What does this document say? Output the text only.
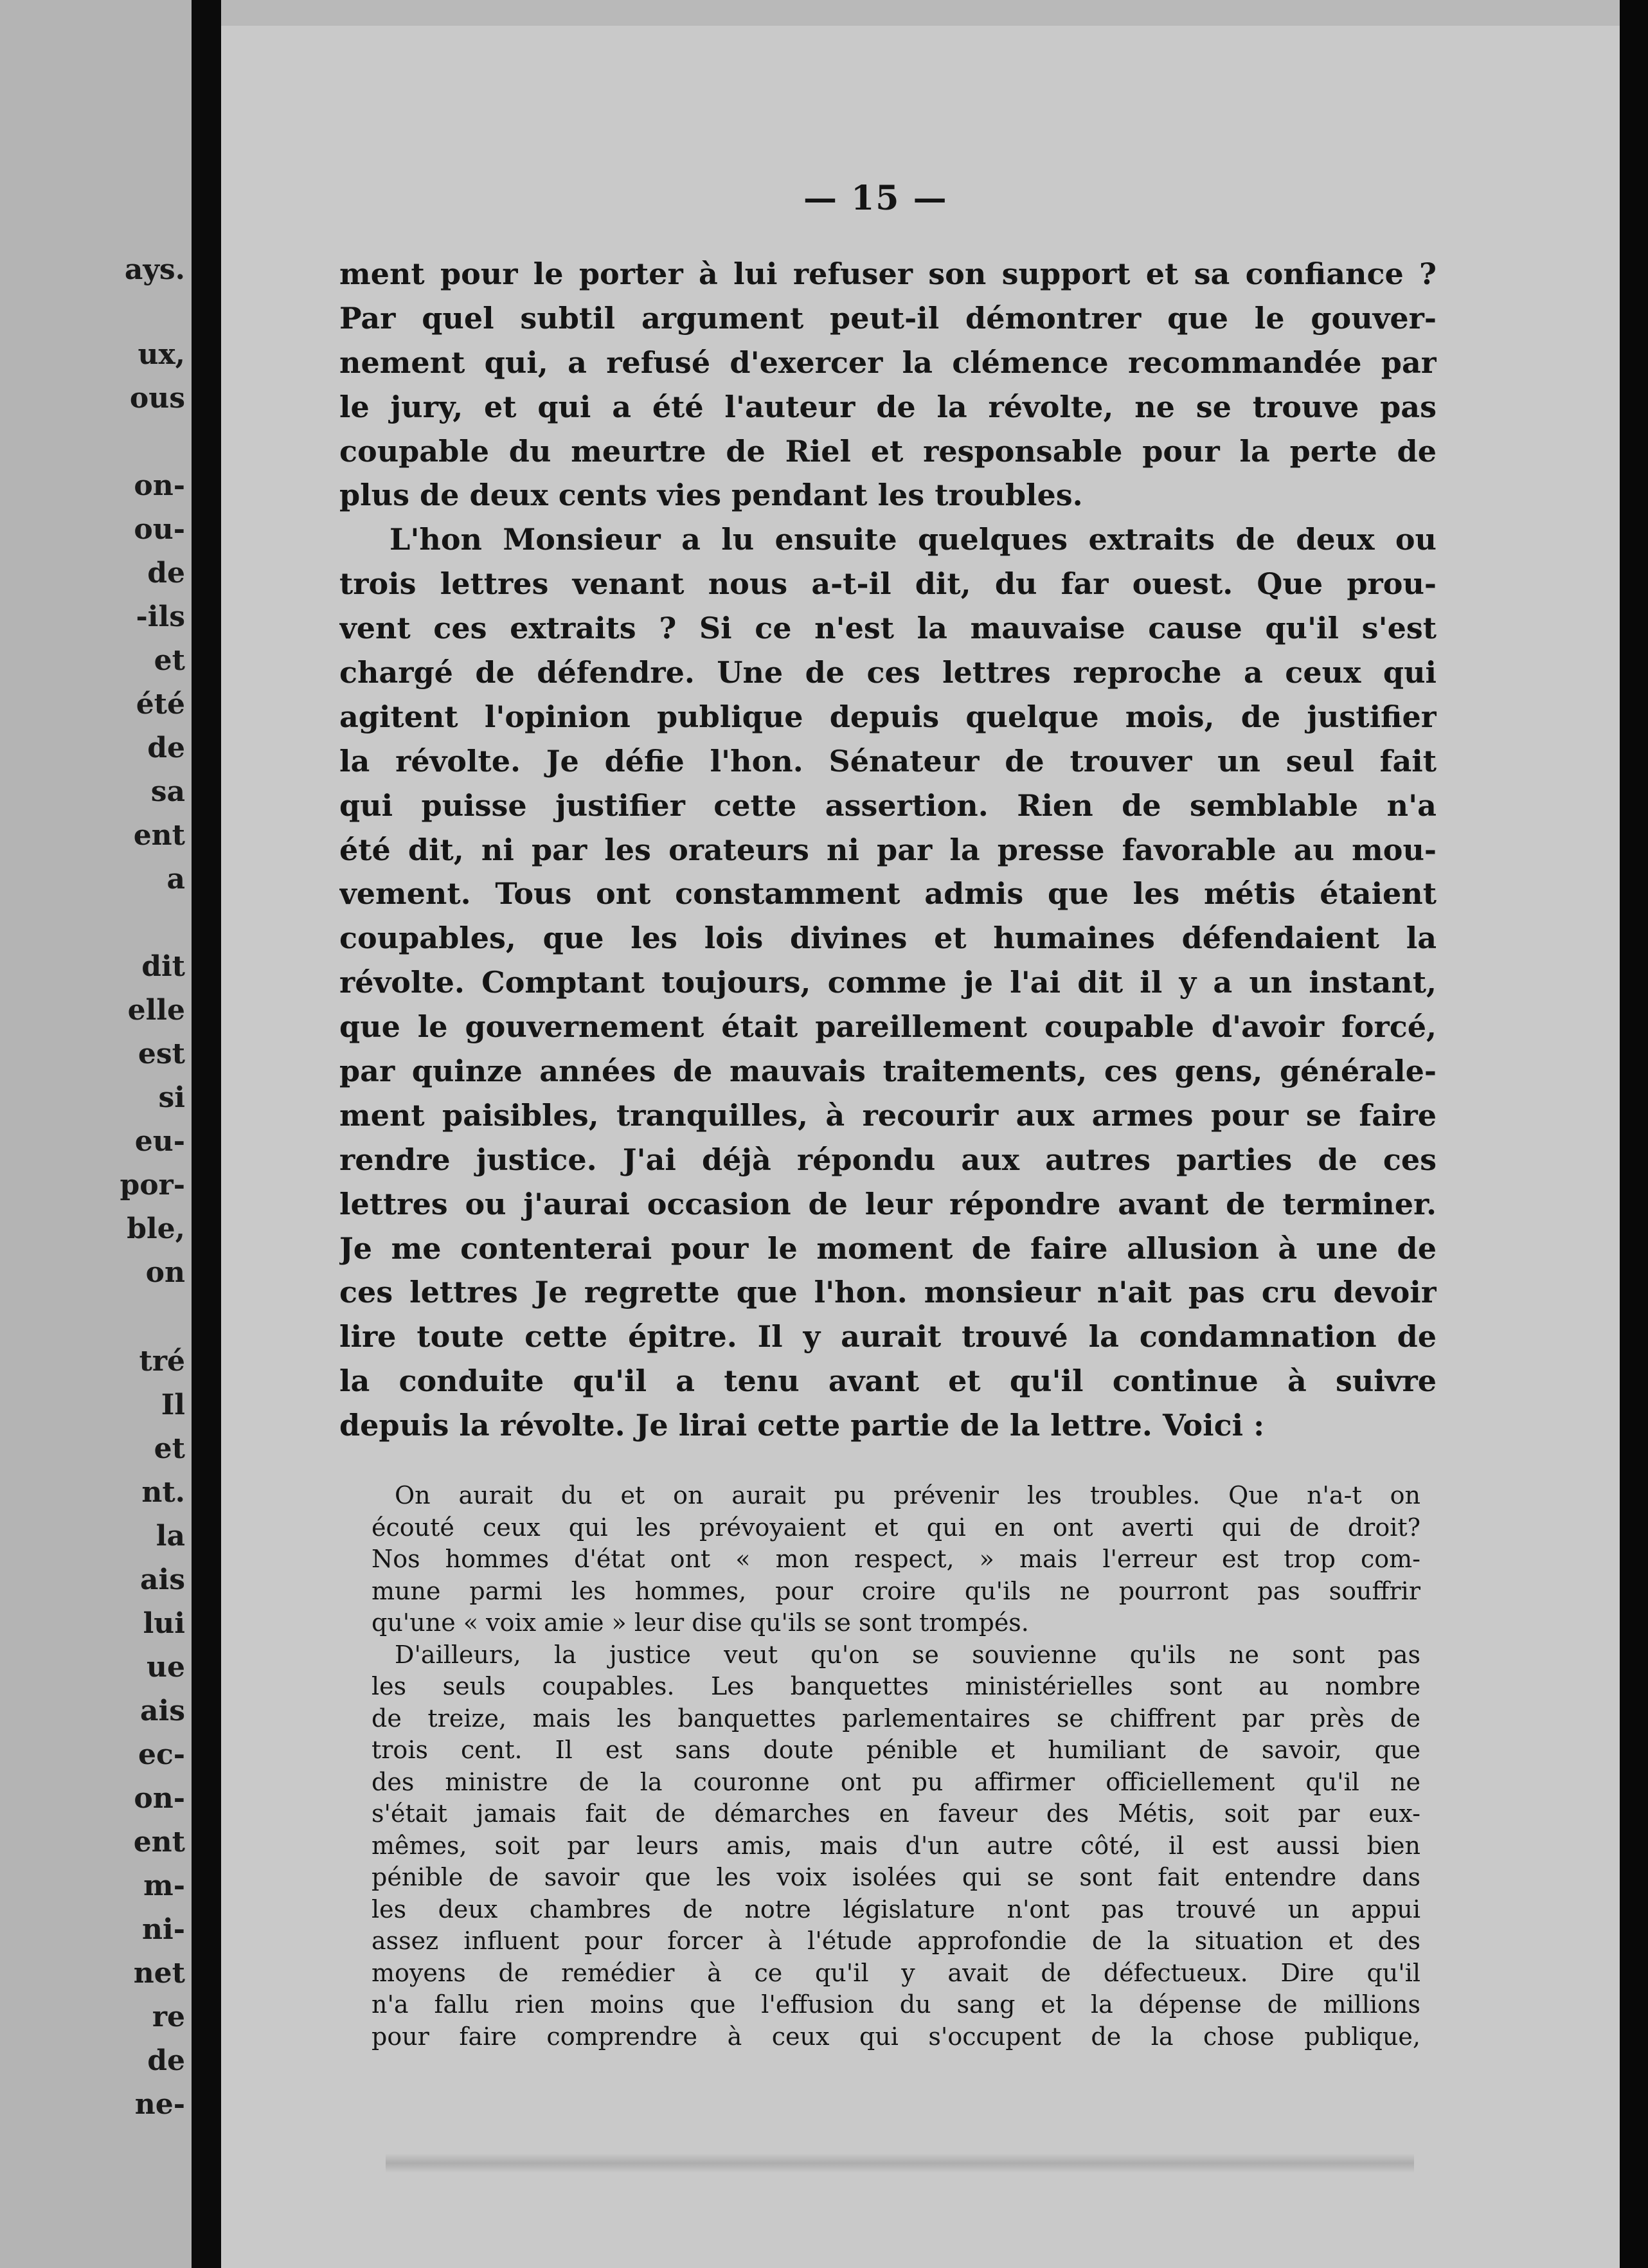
ays.

ux,

ous

on-

ou-

de

-ils

et

été

de

sa

ent

a

dit

elle

est

si

eu-

por-

ble,

on

tré

Il

et

nt.

la

ais

lui

ue

ais

ec-

on-

ent

m-

ni-

net

re

de

ne-

— 15 —

ment pour le porter à lui refuser son support et sa confiance ?
Par quel subtil argument peut-il démontrer que le gouver-
nement qui, a refusé d'exercer la clémence recommandée par
le jury, et qui a été l'auteur de la révolte, ne se trouve pas
coupable du meurtre de Riel et responsable pour la perte de
plus de deux cents vies pendant les troubles.
L'hon Monsieur a lu ensuite quelques extraits de deux ou
trois lettres venant nous a-t-il dit, du far ouest. Que prou-
vent ces extraits ? Si ce n'est la mauvaise cause qu'il s'est
chargé de défendre. Une de ces lettres reproche a ceux qui
agitent l'opinion publique depuis quelque mois, de justifier
la révolte. Je défie l'hon. Sénateur de trouver un seul fait
qui puisse justifier cette assertion. Rien de semblable n'a
été dit, ni par les orateurs ni par la presse favorable au mou-
vement. Tous ont constamment admis que les métis étaient
coupables, que les lois divines et humaines défendaient la
révolte. Comptant toujours, comme je l'ai dit il y a un instant,
que le gouvernement était pareillement coupable d'avoir forcé,
par quinze années de mauvais traitements, ces gens, générale-
ment paisibles, tranquilles, à recourir aux armes pour se faire
rendre justice. J'ai déjà répondu aux autres parties de ces
lettres ou j'aurai occasion de leur répondre avant de terminer.
Je me contenterai pour le moment de faire allusion à une de
ces lettres Je regrette que l'hon. monsieur n'ait pas cru devoir
lire toute cette épitre. Il y aurait trouvé la condamnation de
la conduite qu'il a tenu avant et qu'il continue à suivre
depuis la révolte. Je lirai cette partie de la lettre. Voici :
On aurait du et on aurait pu prévenir les troubles. Que n'a-t on
écouté ceux qui les prévoyaient et qui en ont averti qui de droit?
Nos hommes d'état ont « mon respect, » mais l'erreur est trop com-
mune parmi les hommes, pour croire qu'ils ne pourront pas souffrir
qu'une « voix amie » leur dise qu'ils se sont trompés.
D'ailleurs, la justice veut qu'on se souvienne qu'ils ne sont pas
les seuls coupables. Les banquettes ministérielles sont au nombre
de treize, mais les banquettes parlementaires se chiffrent par près de
trois cent. Il est sans doute pénible et humiliant de savoir, que
des ministre de la couronne ont pu affirmer officiellement qu'il ne
s'était jamais fait de démarches en faveur des Métis, soit par eux-
mêmes, soit par leurs amis, mais d'un autre côté, il est aussi bien
pénible de savoir que les voix isolées qui se sont fait entendre dans
les deux chambres de notre législature n'ont pas trouvé un appui
assez influent pour forcer à l'étude approfondie de la situation et des
moyens de remédier à ce qu'il y avait de défectueux. Dire qu'il
n'a fallu rien moins que l'effusion du sang et la dépense de millions
pour faire comprendre à ceux qui s'occupent de la chose publique,
